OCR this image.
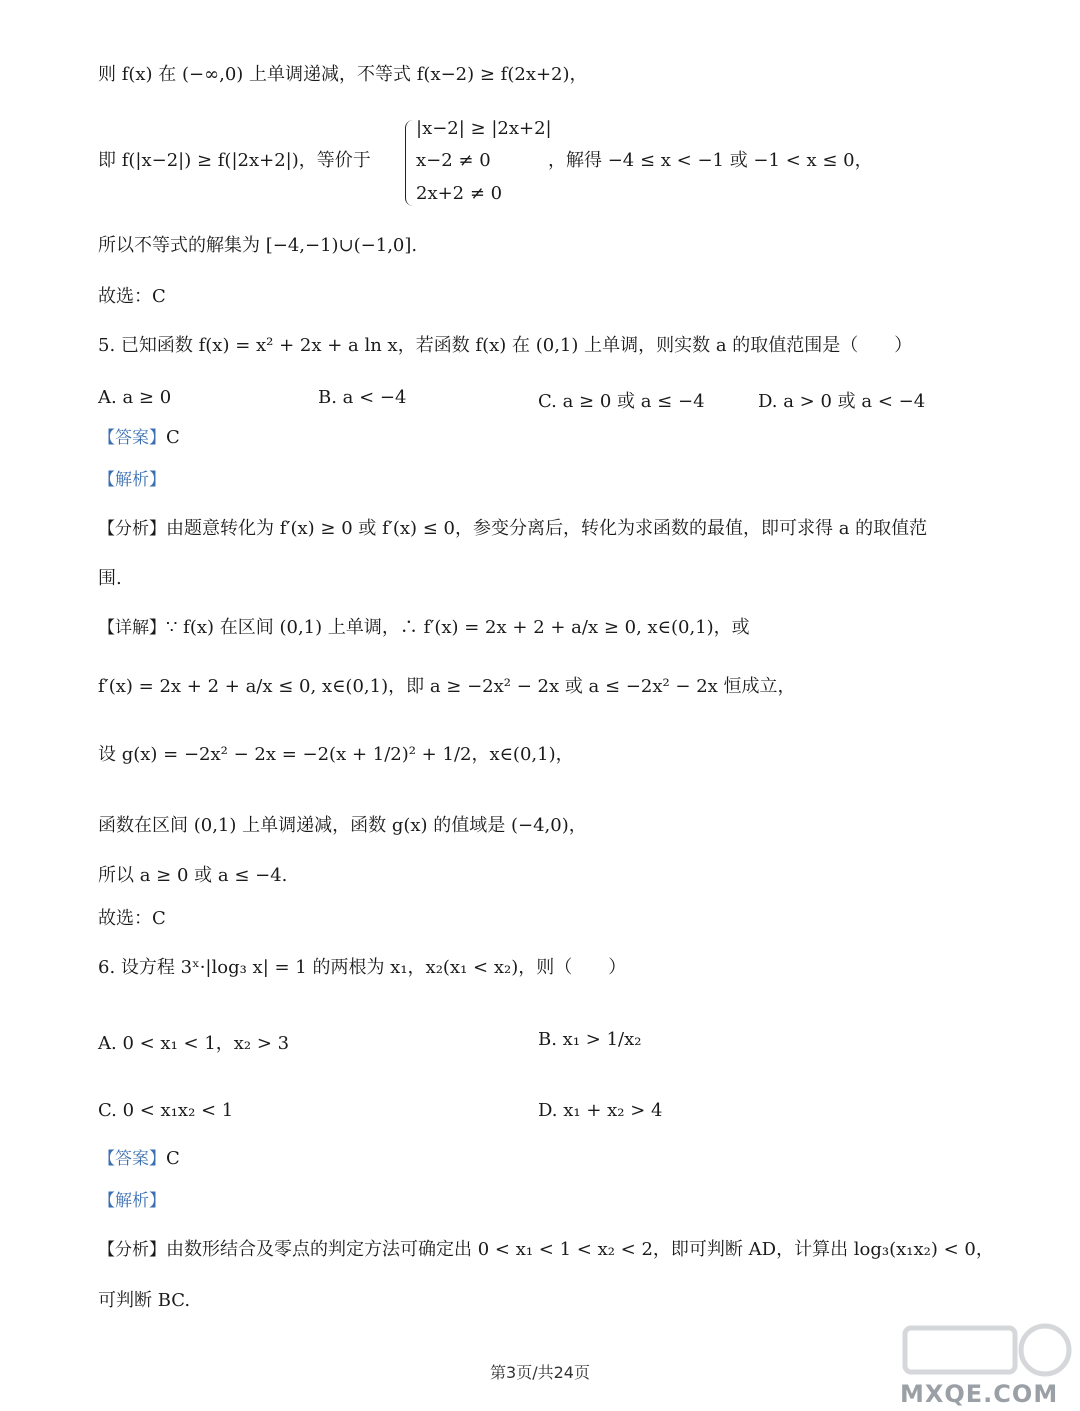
则 f(x) 在 (−∞,0) 上单调递减，不等式 f(x−2) ≥ f(2x+2)，
即 f(|x−2|) ≥ f(|2x+2|)，等价于
|x−2| ≥ |2x+2|
x−2 ≠ 0
2x+2 ≠ 0
，解得 −4 ≤ x < −1 或 −1 < x ≤ 0，
所以不等式的解集为 [−4,−1)∪(−1,0].
故选：C
5. 已知函数 f(x) = x² + 2x + a ln x，若函数 f(x) 在 (0,1) 上单调，则实数 a 的取值范围是（　　）
A. a ≥ 0	B. a < −4	C. a ≥ 0 或 a ≤ −4	D. a > 0 或 a < −4
【答案】C
【解析】
【分析】由题意转化为 f′(x) ≥ 0 或 f′(x) ≤ 0，参变分离后，转化为求函数的最值，即可求得 a 的取值范
围.
【详解】∵ f(x) 在区间 (0,1) 上单调，∴ f′(x) = 2x + 2 + a/x ≥ 0, x∈(0,1)，或
f′(x) = 2x + 2 + a/x ≤ 0, x∈(0,1)，即 a ≥ −2x² − 2x 或 a ≤ −2x² − 2x 恒成立，
设 g(x) = −2x² − 2x = −2(x + 1/2)² + 1/2，x∈(0,1)，
函数在区间 (0,1) 上单调递减，函数 g(x) 的值域是 (−4,0)，
所以 a ≥ 0 或 a ≤ −4.
故选：C
6. 设方程 3ˣ·|log₃ x| = 1 的两根为 x₁，x₂(x₁ < x₂)，则（　　）
A. 0 < x₁ < 1，x₂ > 3	B. x₁ > 1/x₂
C. 0 < x₁x₂ < 1	D. x₁ + x₂ > 4
【答案】C
【解析】
【分析】由数形结合及零点的判定方法可确定出 0 < x₁ < 1 < x₂ < 2，即可判断 AD，计算出 log₃(x₁x₂) < 0，
可判断 BC.
第3页/共24页
MXQE.COM
